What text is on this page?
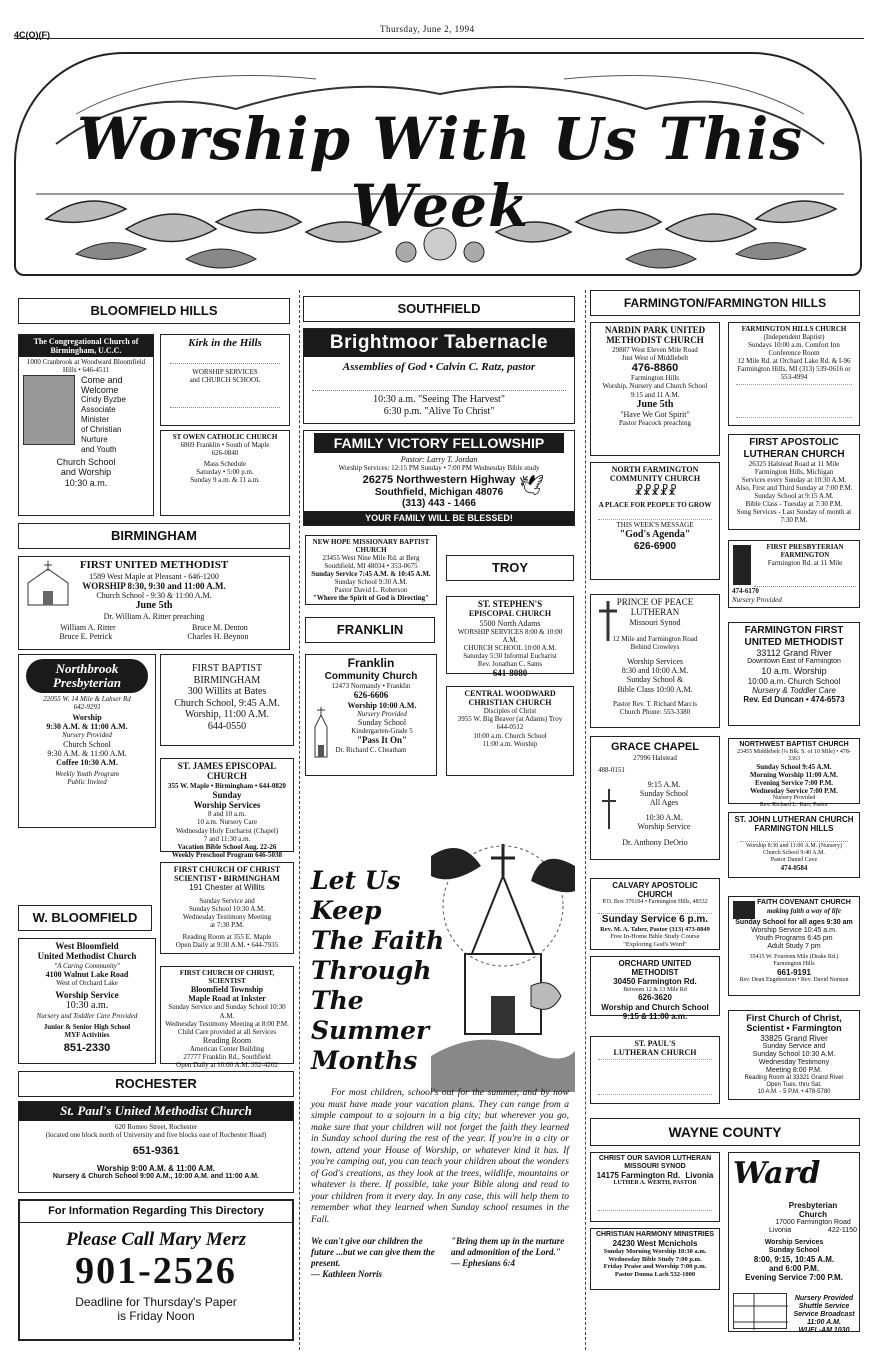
4C(O)(F)
Thursday, June 2, 1994
Worship With Us This Week
BLOOMFIELD HILLS	SOUTHFIELD	FARMINGTON/FARMINGTON HILLS
BIRMINGHAM
TROY
FRANKLIN
W. BLOOMFIELD
ROCHESTER
WAYNE COUNTY
The Congregational Church of Birmingham, U.C.C.
1000 Cranbrook at Woodward Bloomfield Hills • 646-4511
Come and
Welcome
Cindy Byzbe
Associate
Minister
of Christian
Nurture
and Youth
Church School
and Worship
10:30 a.m.
Kirk in the Hills
WORSHIP SERVICES
and CHURCH SCHOOL
ST OWEN CATHOLIC CHURCH
6869 Franklin • South of Maple
626-0840
Mass Schedule
Saturday • 5:00 p.m.
Sunday 9 a.m. & 11 a.m.
FIRST UNITED METHODIST
1589 West Maple at Pleasant - 646-1200
WORSHIP 8:30, 9:30 and 11:00 A.M.
Church School - 9:30 & 11:00 A.M.
June 5th
Dr. William A. Ritter preaching
William A. Ritter	Bruce M. Denton
Bruce E. Petrick	Charles H. Beynon
Northbrook
Presbyterian
22055 W. 14 Mile & Lahser Rd
642-9293
Worship
9:30 A.M. & 11:00 A.M.
Nursery Provided
Church School
9:30 A.M. & 11:00 A.M.
Coffee 10:30 A.M.
Weekly Youth Program
Public Invited
FIRST BAPTIST
BIRMINGHAM
300 Willits at Bates
Church School, 9:45 A.M.
Worship, 11:00 A.M.
644-0550
ST. JAMES EPISCOPAL CHURCH
355 W. Maple • Birmingham • 644-0820
Sunday
Worship Services
8 and 10 a.m.
10 a.m. Nursery Care
Wednesday Holy Eucharist (Chapel)
7 and 11:30 a.m.
Vacation Bible School Aug. 22-26
Weekly Preschool Program 646-5038
FIRST CHURCH OF CHRIST
SCIENTIST • BIRMINGHAM
191 Chester at Willits
Sunday Service and
Sunday School 10:30 A.M.
Wednesday Testimony Meeting
at 7:30 P.M.
Reading Room at 355 E. Maple
Open Daily at 9:30 A.M. • 644-7935
FIRST CHURCH OF CHRIST, SCIENTIST
Bloomfield Township
Maple Road at Inkster
Sunday Service and Sunday School 10:30 A.M.
Wednesday Testimony Meeting at 8:00 P.M.
Child Care provided at all Services
Reading Room
American Center Building
27777 Franklin Rd., Southfield
Open Daily at 10:00 A.M. 352-4202
West Bloomfield
United Methodist Church
"A Caring Community"
4100 Walnut Lake Road
West of Orchard Lake
Worship Service
10:30 a.m.
Nursery and Toddler Care Provided
Junior & Senior High School
MYF Activities
851-2330
St. Paul's United Methodist Church
620 Romeo Street, Rochester
(located one block north of University and five blocks east of Rochester Road)
651-9361
Worship 9:00 A.M. & 11:00 A.M.
Nursery & Church School 9:00 A.M., 10:00 A.M. and 11:00 A.M.
For Information Regarding This Directory
Please Call Mary Merz
901-2526
Deadline for Thursday's Paper
is Friday Noon
Brightmoor Tabernacle
Assemblies of God • Calvin C. Ratz, pastor
10:30 a.m. "Seeing The Harvest"
6:30 p.m. "Alive To Christ"
FAMILY VICTORY FELLOWSHIP
Pastor: Larry T. Jordan
Worship Services: 12:15 PM Sunday • 7:00 PM Wednesday Bible study
26275 Northwestern Highway
Southfield, Michigan 48076
(313) 443 - 1466
YOUR FAMILY WILL BE BLESSED!
🕊
NEW HOPE MISSIONARY BAPTIST CHURCH
23455 West Nine Mile Rd. at Berg
Southfield, MI 48034 • 353-0675
Sunday Service 7:45 A.M. & 10:45 A.M.
Sunday School 9:30 A.M.
Pastor David L. Roberson
"Where the Spirit of God is Directing"
Franklin
Community Church
12473 Normandy • Franklin
626-6606
Worship 10:00 A.M.
Nursery Provided
Sunday School
Kindergarten-Grade 5
"Pass It On"
Dr. Richard C. Cheatham
ST. STEPHEN'S
EPISCOPAL CHURCH
5500 North Adams
WORSHIP SERVICES 8:00 & 10:00 A.M.
CHURCH SCHOOL 10:00 A.M.
Saturday 5:30 Informal Eucharist
Rev. Jonathan C. Sams
641-8080
CENTRAL WOODWARD
CHRISTIAN CHURCH
Disciples of Christ
3955 W. Big Beaver (at Adams) Troy
644-0512
10:00 a.m. Church School
11:00 a.m. Worship
Let Us
Keep
The Faith
Through
The
Summer
Months
For most children, school's out for the summer, and by now you must have made your vacation plans. They can range from a simple campout to a sojourn in a big city; but wherever you go, make sure that your children will not forget the faith they learned in Sunday school during the rest of the year. If you're in a city or town, attend your House of Worship, or whatever kind it has. If you're camping out, you can teach your children about the wonders of God's creations, as they look at the trees, wildlife, mountains or whatever is there. If possible, take your Bible along and read to your children from it every day. In any case, this will help them to remember what they learned when Sunday school resumes in the Fall.
We can't give our children the future ...but we can give them the present.
— Kathleen Norris
"Bring them up in the nurture and admonition of the Lord."
— Ephesians 6:4
NARDIN PARK UNITED
METHODIST CHURCH
29887 West Eleven Mile Road
Just West of Middlebelt
476-8860
Farmington Hills
Worship, Nursery and Church School
9:15 and 11 A.M.
June 5th
"Have We Got Spirit"
Pastor Peacock preaching
FARMINGTON HILLS CHURCH
(Independent Baptist)
Sundays 10:00 a.m. Comfort Inn Conference Room
12 Mile Rd. at Orchard Lake Rd. & I-96
Farmington Hills, MI (313) 539-0616 or 553-4994
NORTH FARMINGTON
COMMUNITY CHURCH
☧☧☧☧☧
A PLACE FOR PEOPLE TO GROW
THIS WEEK'S MESSAGE
"God's Agenda"
626-6900
FIRST APOSTOLIC
LUTHERAN CHURCH
26325 Halstead Road at 11 Mile
Farmington Hills, Michigan
Services every Sunday at 10:30 A.M.
Also, First and Third Sunday at 7:00 P.M.
Sunday School at 9:15 A.M.
Bible Class - Tuesday at 7:30 P.M.
Song Services - Last Sunday of month at 7:30 P.M.
FIRST PRESBYTERIAN
FARMINGTON
Farmington Rd. at 11 Mile
474-6170
Nursery Provided
PRINCE OF PEACE
LUTHERAN
Missouri Synod
12 Mile and Farmington Road
Behind Crowleys
Worship Services
8:30 and 10:00 A.M.
Sunday School &
Bible Class 10:00 A.M.
Pastor Rev. T. Richard Marcis
Church Phone: 553-3380
FARMINGTON FIRST
UNITED METHODIST
33112 Grand River
Downtown East of Farmington
10 a.m. Worship
10:00 a.m. Church School
Nursery & Toddler Care
Rev. Ed Duncan • 474-6573
GRACE CHAPEL
27996 Halstead
488-0151
9:15 A.M.
Sunday School
All Ages
10:30 A.M.
Worship Service
Dr. Anthony DeOrio
NORTHWEST BAPTIST CHURCH
23455 Middlebelt (¼ Blk. S. of 10 Mile) • 478-3363
Sunday School 9:45 A.M.
Morning Worship 11:00 A.M.
Evening Service 7:00 P.M.
Wednesday Service 7:00 P.M.
Nursery Provided
Rev. Richard L. Karr, Pastor
ST. JOHN LUTHERAN CHURCH
FARMINGTON HILLS
Worship 8:30 and 11:00 A.M. (Nursery)
Church School 9:40 A.M.
Pastor Daniel Cave
474-0584
CALVARY APOSTOLIC CHURCH
P.O. Box 376104 • Farmington Hills, 48332
Sunday Service 6 p.m.
Rev. M. A. Taber, Pastor (313) 473-8849
Free In-Home Bible Study Course
"Exploring God's Word"
FAITH COVENANT CHURCH
making faith a way of life
Sunday School for all ages 9:30 am
Worship Service 10:45 a.m.
Youth Programs 6:45 pm
Adult Study 7 pm
35415 W. Fourteen Mile (Drake Rd.)
Farmington Hills
661-9191
Rev. Dean Engebretson • Rev. David Norsten
ORCHARD UNITED METHODIST
30450 Farmington Rd.
Between 12 & 13 Mile Rd
626-3620
Worship and Church School
9:15 & 11:00 a.m.
ST. PAUL'S
LUTHERAN CHURCH
First Church of Christ,
Scientist • Farmington
33825 Grand River
Sunday Service and
Sunday School 10:30 A.M.
Wednesday Testimony
Meeting 8:00 P.M.
Reading Room at 33321 Grand River
Open Tues. thru Sat.
10 A.M. - 5 P.M. • 478-5780
CHRIST OUR SAVIOR LUTHERAN
MISSOURI SYNOD
14175 Farmington Rd. Livonia
LUTHER A. WERTH, PASTOR
CHRISTIAN HARMONY MINISTRIES
24230 West Mcnichols
Sunday Morning Worship 10:30 a.m.
Wednesday Bible Study 7:00 p.m.
Friday Praise and Worship 7:00 p.m.
Pastor Donna Lach 532-1000
Ward
Presbyterian
Church
17000 Farmington Road
Livonia	422-1150
Worship Services
Sunday School
8:00, 9:15, 10:45 A.M.
and 6:00 P.M.
Evening Service 7:00 P.M.
Nursery Provided
Shuttle Service
Service Broadcast
11:00 A.M.
WUFL-AM 1030
